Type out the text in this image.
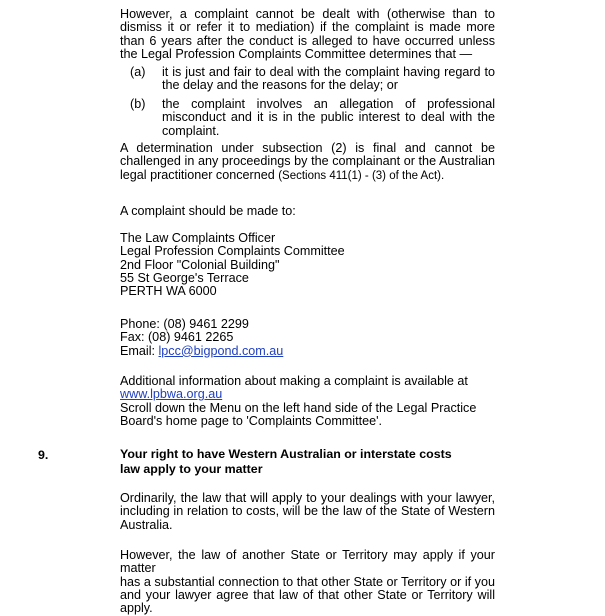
However, a complaint cannot be dealt with (otherwise than to
dismiss it or refer it to mediation) if the complaint is made more
than 6 years after the conduct is alleged to have occurred unless
the Legal Profession Complaints Committee determines that —
(a) it is just and fair to deal with the complaint having regard to
the delay and the reasons for the delay; or
(b) the complaint involves an allegation of professional
misconduct and it is in the public interest to deal with the
complaint.
A determination under subsection (2) is final and cannot be
challenged in any proceedings by the complainant or the Australian
legal practitioner concerned (Sections 411(1) - (3) of the Act).
A complaint should be made to:
The Law Complaints Officer
Legal Profession Complaints Committee
2nd Floor "Colonial Building"
55 St George's Terrace
PERTH WA 6000
Phone: (08) 9461 2299
Fax: (08) 9461 2265
Email: lpcc@bigpond.com.au
Additional information about making a complaint is available at
www.lpbwa.org.au
Scroll down the Menu on the left hand side of the Legal Practice
Board's home page to 'Complaints Committee'.
9.	Your right to have Western Australian or interstate costs
law apply to your matter
Ordinarily, the law that will apply to your dealings with your lawyer,
including in relation to costs, will be the law of the State of Western
Australia.
However, the law of another State or Territory may apply if your matter
has a substantial connection to that other State or Territory or if you
and your lawyer agree that law of that other State or Territory will
apply.
